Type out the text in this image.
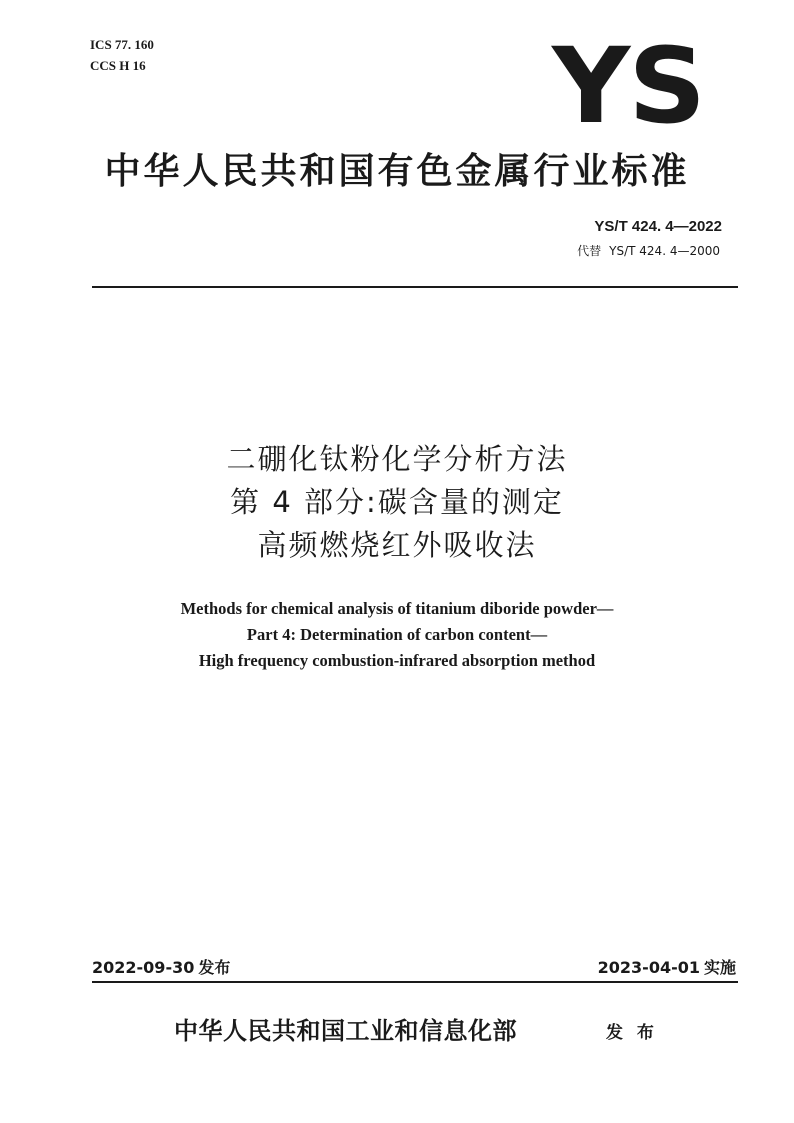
ICS 77. 160
CCS H 16	YS
中华人民共和国有色金属行业标准
YS/T 424. 4—2022
代替 YS/T 424. 4—2000
二硼化钛粉化学分析方法
第 4 部分:碳含量的测定
高频燃烧红外吸收法
Methods for chemical analysis of titanium diboride powder—
Part 4: Determination of carbon content—
High frequency combustion-infrared absorption method
2022-09-30 发布	2023-04-01 实施
中华人民共和国工业和信息化部	发 布
